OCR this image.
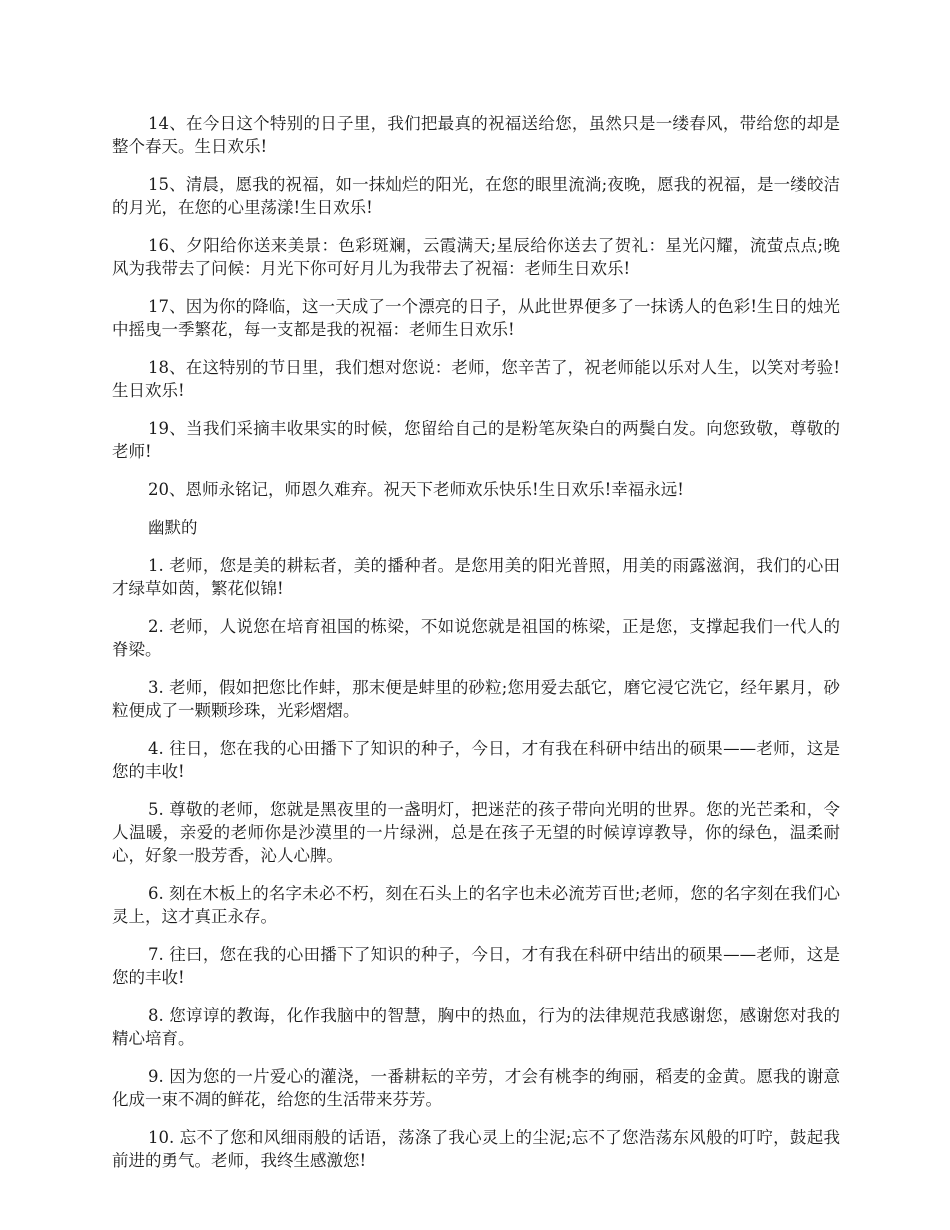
14、在今日这个特别的日子里，我们把最真的祝福送给您，虽然只是一缕春风，带给您的却是整个春天。生日欢乐!

15、清晨，愿我的祝福，如一抹灿烂的阳光，在您的眼里流淌;夜晚，愿我的祝福，是一缕皎洁的月光，在您的心里荡漾!生日欢乐!

16、夕阳给你送来美景：色彩斑斓，云霞满天;星辰给你送去了贺礼：星光闪耀，流萤点点;晚风为我带去了问候：月光下你可好月儿为我带去了祝福：老师生日欢乐!

17、因为你的降临，这一天成了一个漂亮的日子，从此世界便多了一抹诱人的色彩!生日的烛光中摇曳一季繁花，每一支都是我的祝福：老师生日欢乐!

18、在这特别的节日里，我们想对您说：老师，您辛苦了，祝老师能以乐对人生，以笑对考验!生日欢乐!

19、当我们采摘丰收果实的时候，您留给自己的是粉笔灰染白的两鬓白发。向您致敬，尊敬的老师!

20、恩师永铭记，师恩久难弃。祝天下老师欢乐快乐!生日欢乐!幸福永远!

幽默的

1. 老师，您是美的耕耘者，美的播种者。是您用美的阳光普照，用美的雨露滋润，我们的心田才绿草如茵，繁花似锦!

2. 老师，人说您在培育祖国的栋梁，不如说您就是祖国的栋梁，正是您，支撑起我们一代人的脊梁。

3. 老师，假如把您比作蚌，那末便是蚌里的砂粒;您用爱去舐它，磨它浸它洗它，经年累月，砂粒便成了一颗颗珍珠，光彩熠熠。

4. 往日，您在我的心田播下了知识的种子，今日，才有我在科研中结出的硕果——老师，这是您的丰收!

5. 尊敬的老师，您就是黑夜里的一盏明灯，把迷茫的孩子带向光明的世界。您的光芒柔和，令人温暖，亲爱的老师你是沙漠里的一片绿洲，总是在孩子无望的时候谆谆教导，你的绿色，温柔耐心，好象一股芳香，沁人心脾。

6. 刻在木板上的名字未必不朽，刻在石头上的名字也未必流芳百世;老师，您的名字刻在我们心灵上，这才真正永存。

7. 往曰，您在我的心田播下了知识的种子，今日，才有我在科研中结出的硕果——老师，这是您的丰收!

8. 您谆谆的教诲，化作我脑中的智慧，胸中的热血，行为的法律规范我感谢您，感谢您对我的精心培育。

9. 因为您的一片爱心的灌浇，一番耕耘的辛劳，才会有桃李的绚丽，稻麦的金黄。愿我的谢意化成一束不凋的鲜花，给您的生活带来芬芳。

10. 忘不了您和风细雨般的话语，荡涤了我心灵上的尘泥;忘不了您浩荡东风般的叮咛，鼓起我前进的勇气。老师，我终生感激您!
